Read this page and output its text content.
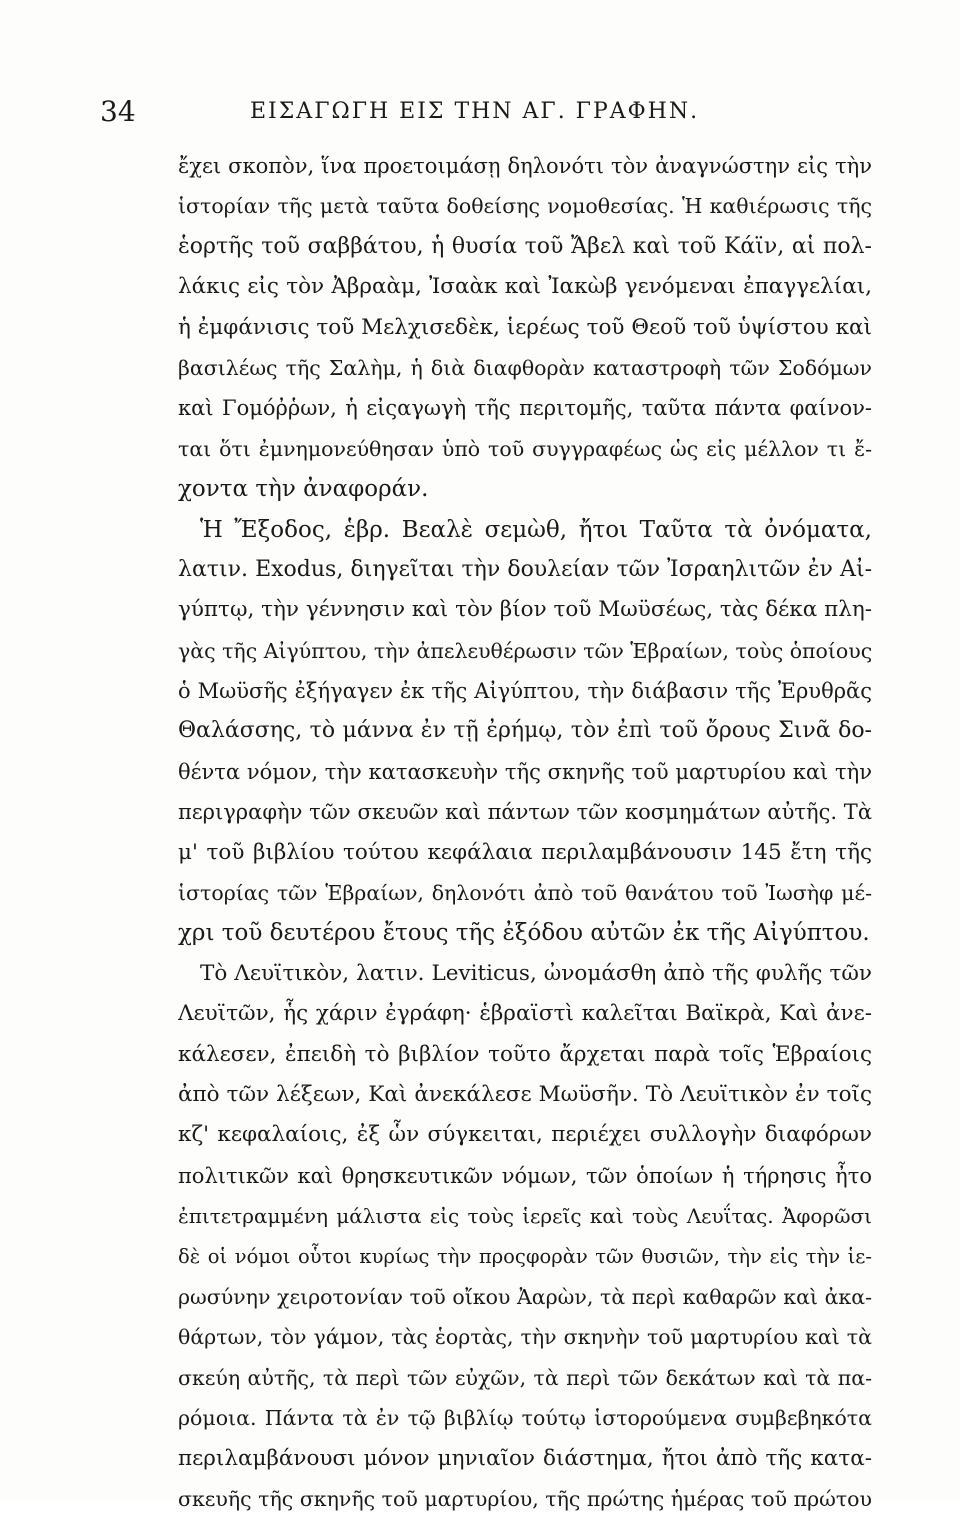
34	ΕΙΣΑΓΩΓΗ ΕΙΣ ΤΗΝ ΑΓ. ΓΡΑΦΗΝ.
ἔχει σκοπὸν, ἵνα προετοιμάσῃ δηλονότι τὸν ἀναγνώστην εἰς τὴν
ἱστορίαν τῆς μετὰ ταῦτα δοθείσης νομοθεσίας. Ἡ καθιέρωσις τῆς
ἑορτῆς τοῦ σαββάτου, ἡ θυσία τοῦ Ἄβελ καὶ τοῦ Κάϊν, αἱ πολ-
λάκις εἰς τὸν Ἀβραὰμ, Ἰσαὰκ καὶ Ἰακὼβ γενόμεναι ἐπαγγελίαι,
ἡ ἐμφάνισις τοῦ Μελχισεδὲκ, ἱερέως τοῦ Θεοῦ τοῦ ὑψίστου καὶ
βασιλέως τῆς Σαλὴμ, ἡ διὰ διαφθορὰν καταστροφὴ τῶν Σοδόμων
καὶ Γομόῤῥων, ἡ εἰςαγωγὴ τῆς περιτομῆς, ταῦτα πάντα φαίνον-
ται ὅτι ἐμνημονεύθησαν ὑπὸ τοῦ συγγραφέως ὡς εἰς μέλλον τι ἔ-
χοντα τὴν ἀναφοράν.
Ἡ Ἔξοδος, ἑβρ. Βεαλὲ σεμὼθ, ἤτοι Ταῦτα τὰ ὀνόματα,
λατιν. Exodus, διηγεῖται τὴν δουλείαν τῶν Ἰσραηλιτῶν ἐν Αἰ-
γύπτῳ, τὴν γέννησιν καὶ τὸν βίον τοῦ Μωϋσέως, τὰς δέκα πλη-
γὰς τῆς Αἰγύπτου, τὴν ἀπελευθέρωσιν τῶν Ἑβραίων, τοὺς ὁποίους
ὁ Μωϋσῆς ἐξήγαγεν ἐκ τῆς Αἰγύπτου, τὴν διάβασιν τῆς Ἐρυθρᾶς
Θαλάσσης, τὸ μάννα ἐν τῇ ἐρήμῳ, τὸν ἐπὶ τοῦ ὄρους Σινᾶ δο-
θέντα νόμον, τὴν κατασκευὴν τῆς σκηνῆς τοῦ μαρτυρίου καὶ τὴν
περιγραφὴν τῶν σκευῶν καὶ πάντων τῶν κοσμημάτων αὐτῆς. Τὰ
μ' τοῦ βιβλίου τούτου κεφάλαια περιλαμβάνουσιν 145 ἔτη τῆς
ἱστορίας τῶν Ἑβραίων, δηλονότι ἀπὸ τοῦ θανάτου τοῦ Ἰωσὴφ μέ-
χρι τοῦ δευτέρου ἔτους τῆς ἐξόδου αὐτῶν ἐκ τῆς Αἰγύπτου.
Τὸ Λευϊτικὸν, λατιν. Leviticus, ὠνομάσθη ἀπὸ τῆς φυλῆς τῶν
Λευϊτῶν, ἧς χάριν ἐγράφη· ἑβραϊστὶ καλεῖται Βαϊκρὰ, Καὶ ἀνε-
κάλεσεν, ἐπειδὴ τὸ βιβλίον τοῦτο ἄρχεται παρὰ τοῖς Ἑβραίοις
ἀπὸ τῶν λέξεων, Καὶ ἀνεκάλεσε Μωϋσῆν. Τὸ Λευϊτικὸν ἐν τοῖς
κζ' κεφαλαίοις, ἐξ ὧν σύγκειται, περιέχει συλλογὴν διαφόρων
πολιτικῶν καὶ θρησκευτικῶν νόμων, τῶν ὁποίων ἡ τήρησις ἦτο
ἐπιτετραμμένη μάλιστα εἰς τοὺς ἱερεῖς καὶ τοὺς Λευΐτας. Ἀφορῶσι
δὲ οἱ νόμοι οὗτοι κυρίως τὴν προςφορὰν τῶν θυσιῶν, τὴν εἰς τὴν ἱε-
ρωσύνην χειροτονίαν τοῦ οἴκου Ἀαρὼν, τὰ περὶ καθαρῶν καὶ ἀκα-
θάρτων, τὸν γάμον, τὰς ἑορτὰς, τὴν σκηνὴν τοῦ μαρτυρίου καὶ τὰ
σκεύη αὐτῆς, τὰ περὶ τῶν εὐχῶν, τὰ περὶ τῶν δεκάτων καὶ τὰ πα-
ρόμοια. Πάντα τὰ ἐν τῷ βιβλίῳ τούτῳ ἱστορούμενα συμβεβηκότα
περιλαμβάνουσι μόνον μηνιαῖον διάστημα, ἤτοι ἀπὸ τῆς κατα-
σκευῆς τῆς σκηνῆς τοῦ μαρτυρίου, τῆς πρώτης ἡμέρας τοῦ πρώτου
